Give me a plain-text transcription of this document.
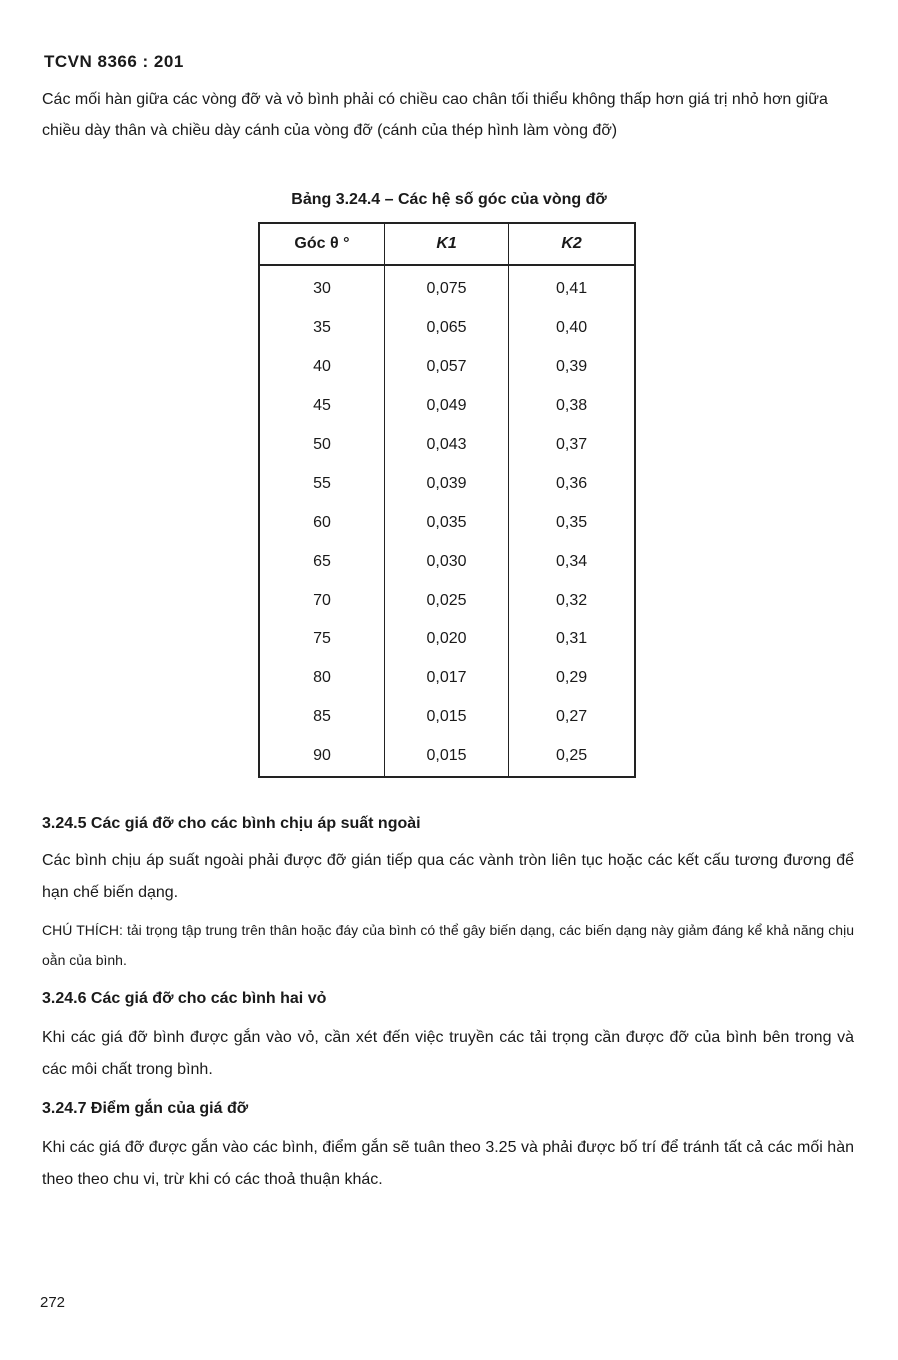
TCVN 8366 : 201
Các mối hàn giữa các vòng đỡ và vỏ bình phải có chiều cao chân tối thiểu không thấp hơn giá trị nhỏ hơn giữa chiều dày thân và chiều dày cánh của vòng đỡ (cánh của thép hình làm vòng đỡ)
Bảng 3.24.4 – Các hệ số góc của vòng đỡ
Góc θ °	K1	K2
30	0,075	0,41
35	0,065	0,40
40	0,057	0,39
45	0,049	0,38
50	0,043	0,37
55	0,039	0,36
60	0,035	0,35
65	0,030	0,34
70	0,025	0,32
75	0,020	0,31
80	0,017	0,29
85	0,015	0,27
90	0,015	0,25
3.24.5 Các giá đỡ cho các bình chịu áp suất ngoài
Các bình chịu áp suất ngoài phải được đỡ gián tiếp qua các vành tròn liên tục hoặc các kết cấu tương đương để hạn chế biến dạng.
CHÚ THÍCH: tải trọng tập trung trên thân hoặc đáy của bình có thể gây biến dạng, các biến dạng này giảm đáng kể khả năng chịu oằn của bình.
3.24.6 Các giá đỡ cho các bình hai vỏ
Khi các giá đỡ bình được gắn vào vỏ, cần xét đến việc truyền các tải trọng cần được đỡ của bình bên trong và các môi chất trong bình.
3.24.7 Điểm gắn của giá đỡ
Khi các giá đỡ được gắn vào các bình, điểm gắn sẽ tuân theo 3.25 và phải được bố trí để tránh tất cả các mối hàn theo theo chu vi, trừ khi có các thoả thuận khác.
272
